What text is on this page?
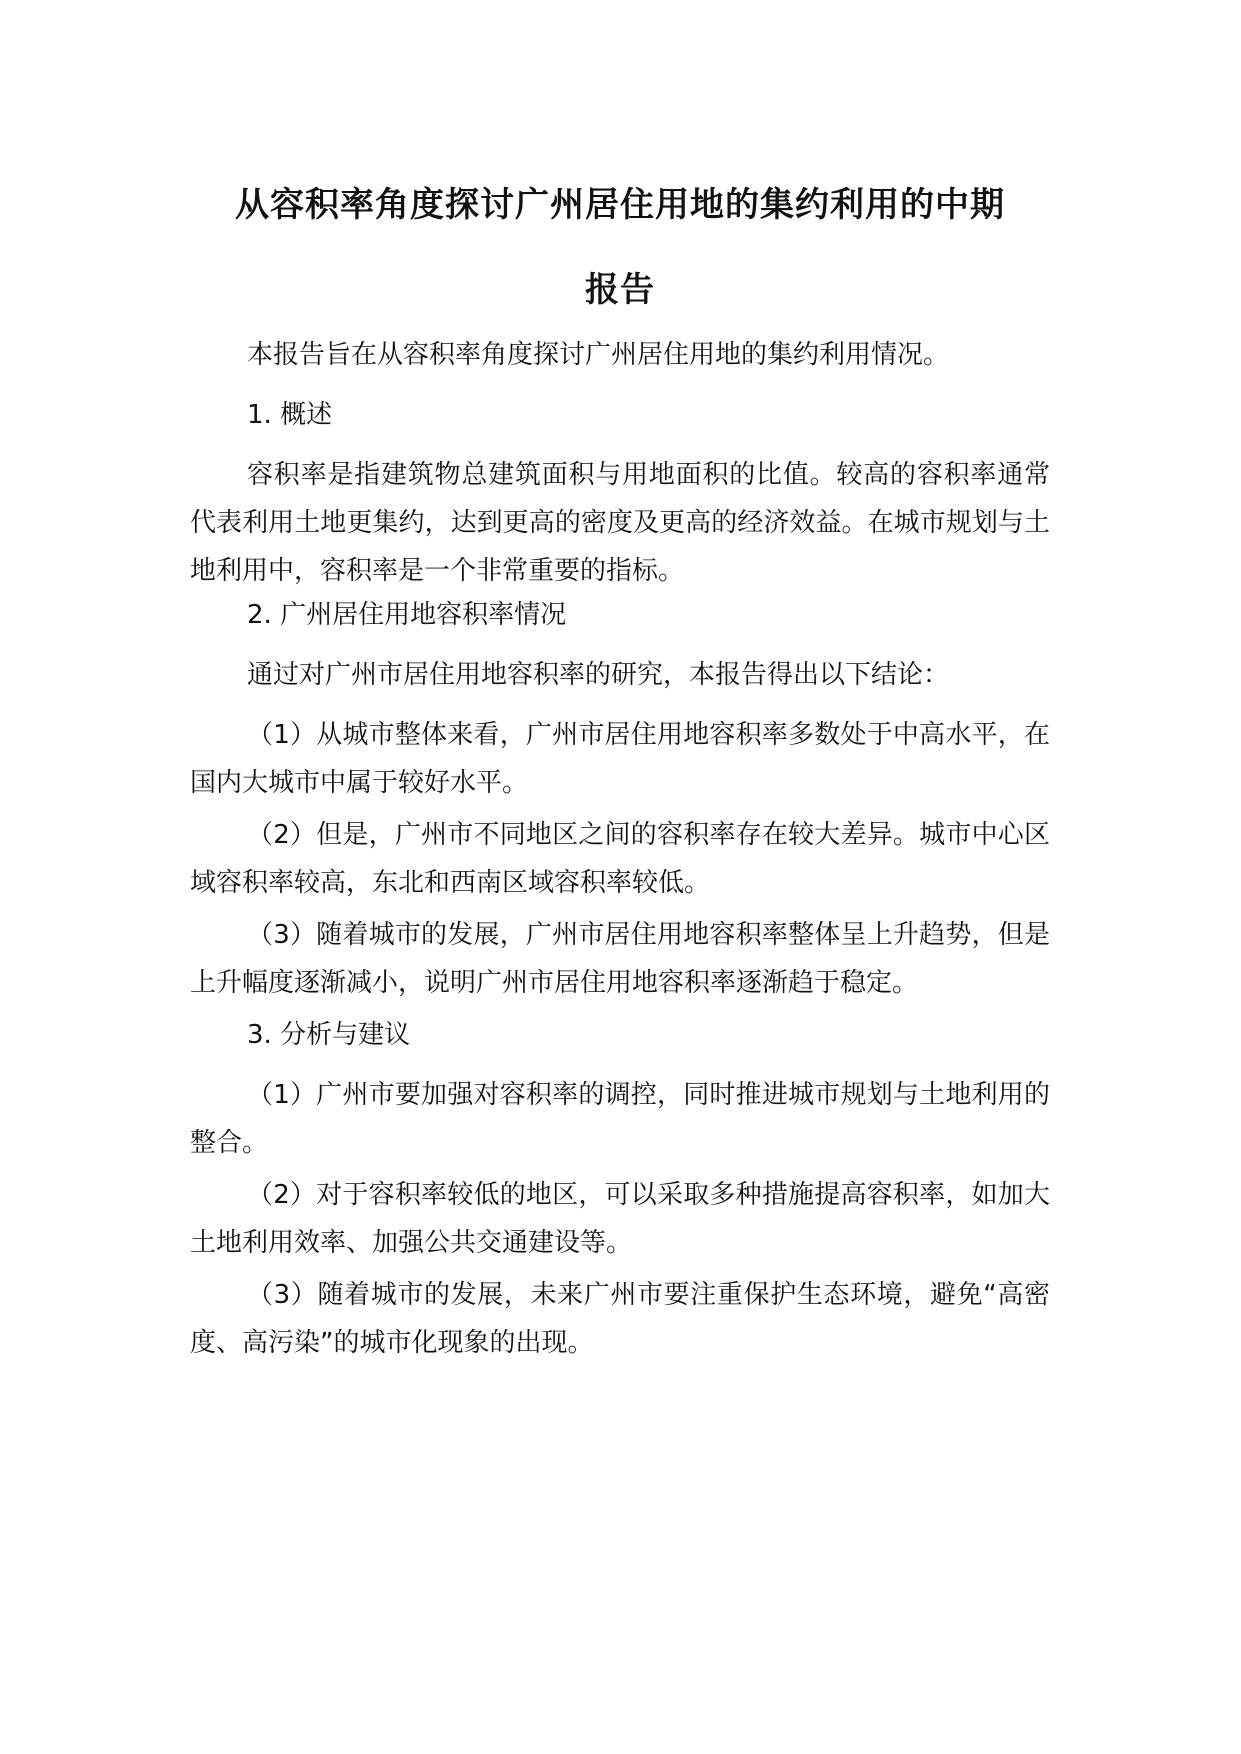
从容积率角度探讨广州居住用地的集约利用的中期
报告

本报告旨在从容积率角度探讨广州居住用地的集约利用情况。

1. 概述

容积率是指建筑物总建筑面积与用地面积的比值。较高的容积率通常代表利用土地更集约，达到更高的密度及更高的经济效益。在城市规划与土地利用中，容积率是一个非常重要的指标。

2. 广州居住用地容积率情况

通过对广州市居住用地容积率的研究，本报告得出以下结论：

（1）从城市整体来看，广州市居住用地容积率多数处于中高水平，在国内大城市中属于较好水平。

（2）但是，广州市不同地区之间的容积率存在较大差异。城市中心区域容积率较高，东北和西南区域容积率较低。

（3）随着城市的发展，广州市居住用地容积率整体呈上升趋势，但是上升幅度逐渐减小，说明广州市居住用地容积率逐渐趋于稳定。

3. 分析与建议

（1）广州市要加强对容积率的调控，同时推进城市规划与土地利用的整合。

（2）对于容积率较低的地区，可以采取多种措施提高容积率，如加大土地利用效率、加强公共交通建设等。

（3）随着城市的发展，未来广州市要注重保护生态环境，避免“高密度、高污染”的城市化现象的出现。
